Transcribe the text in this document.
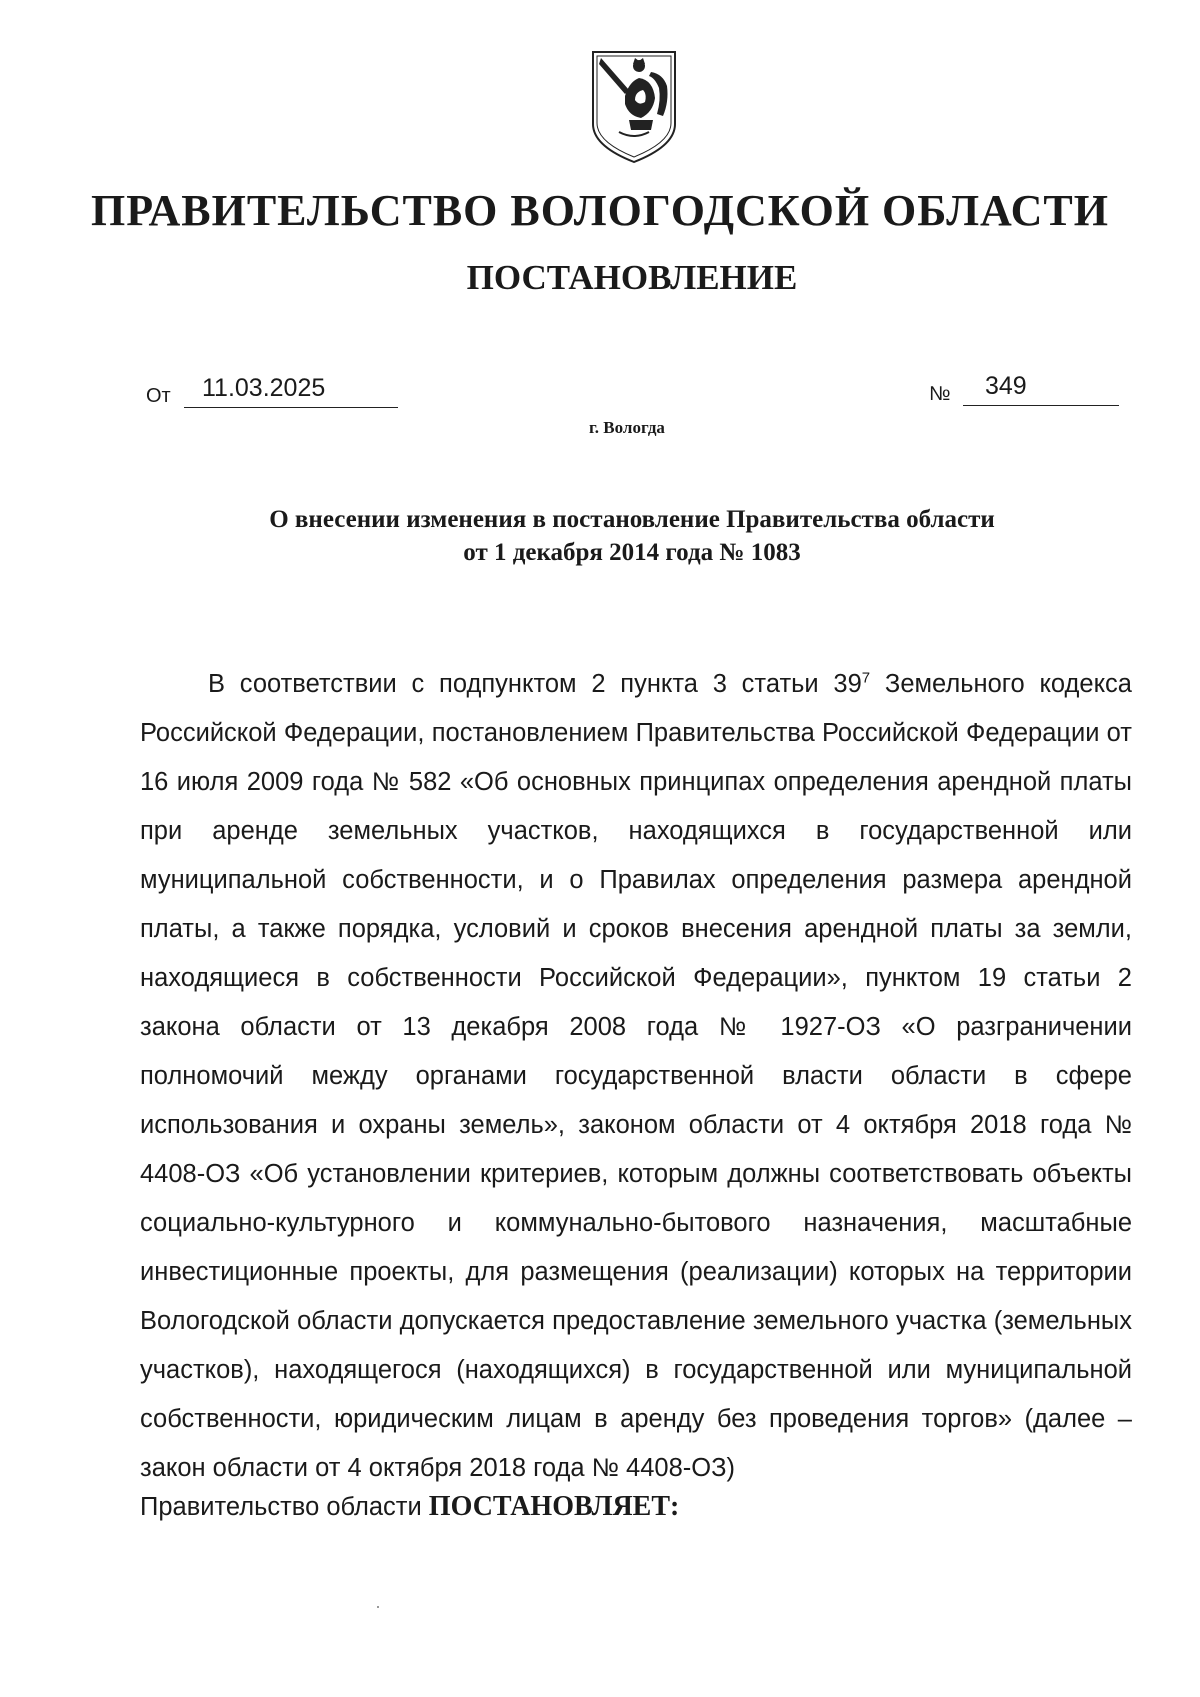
ПРАВИТЕЛЬСТВО ВОЛОГОДСКОЙ ОБЛАСТИ
ПОСТАНОВЛЕНИЕ
От	11.03.2025	№	349
г. Вологда
О внесении изменения в постановление Правительства области
от 1 декабря 2014 года № 1083

В соответствии с подпунктом 2 пункта 3 статьи $39^7$ Земельного кодекса Российской Федерации, постановлением Правительства Российской Федерации от 16 июля 2009 года № 582 «Об основных принципах определения арендной платы при аренде земельных участков, находящихся в государственной или муниципальной собственности, и о Правилах определения размера арендной платы, а также порядка, условий и сроков внесения арендной платы за земли, находящиеся в собственности Российской Федерации», пунктом 19 статьи 2 закона области от 13 декабря 2008 года № 1927-ОЗ «О разграничении полномочий между органами государственной власти области в сфере использования и охраны земель», законом области от 4 октября 2018 года № 4408-ОЗ «Об установлении критериев, которым должны соответствовать объекты социально-культурного и коммунально-бытового назначения, масштабные инвестиционные проекты, для размещения (реализации) которых на территории Вологодской области допускается предоставление земельного участка (земельных участков), находящегося (находящихся) в государственной или муниципальной собственности, юридическим лицам в аренду без проведения торгов» (далее – закон области от 4 октября 2018 года № 4408-ОЗ)

Правительство области ПОСТАНОВЛЯЕТ:
